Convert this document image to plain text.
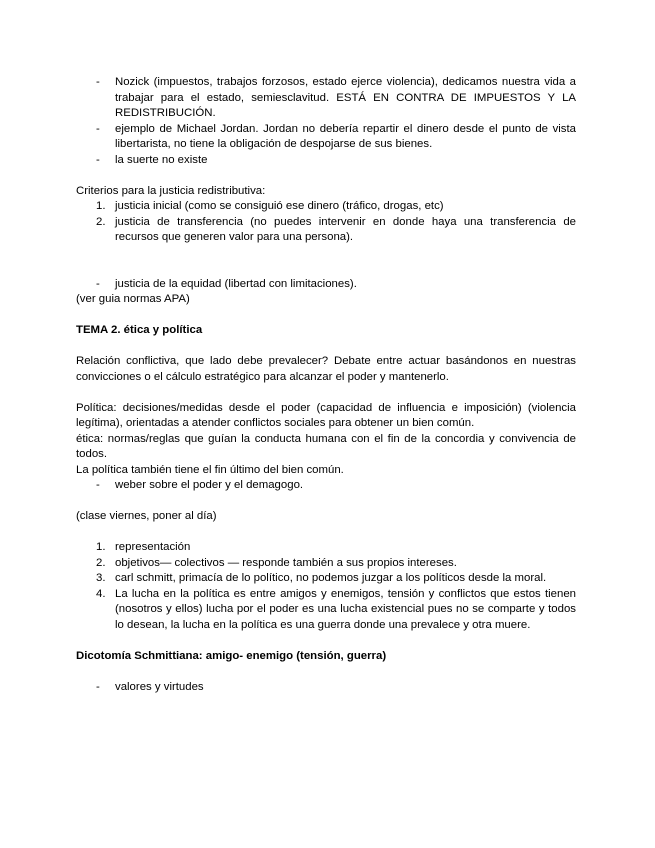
-	Nozick (impuestos, trabajos forzosos, estado ejerce violencia), dedicamos nuestra vida a trabajar para el estado, semiesclavitud. ESTÁ EN CONTRA DE IMPUESTOS Y LA REDISTRIBUCIÓN.
-	ejemplo de Michael Jordan. Jordan no debería repartir el dinero desde el punto de vista libertarista, no tiene la obligación de despojarse de sus bienes.
-	la suerte no existe

Criterios para la justicia redistributiva:

1. justicia inicial (como se consiguió ese dinero (tráfico, drogas, etc)
2. justicia de transferencia (no puedes intervenir en donde haya una transferencia de recursos que generen valor para una persona).
-	justicia de la equidad (libertad con limitaciones).

(ver guia normas APA)

TEMA 2. ética y política

Relación conflictiva, que lado debe prevalecer? Debate entre actuar basándonos en nuestras convicciones o el cálculo estratégico para alcanzar el poder y mantenerlo.

Política: decisiones/medidas desde el poder (capacidad de influencia e imposición) (violencia legítima), orientadas a atender conflictos sociales para obtener un bien común.

ética: normas/reglas que guían la conducta humana con el fin de la concordia y convivencia de todos.

La política también tiene el fin último del bien común.

-	weber sobre el poder y el demagogo.

(clase viernes, poner al día)

1. representación
2. objetivos— colectivos — responde también a sus propios intereses.
3. carl schmitt, primacía de lo político, no podemos juzgar a los políticos desde la moral.
4. La lucha en la política es entre amigos y enemigos, tensión y conflictos que estos tienen (nosotros y ellos) lucha por el poder es una lucha existencial pues no se comparte y todos lo desean, la lucha en la política es una guerra donde una prevalece y otra muere.

Dicotomía Schmittiana: amigo- enemigo (tensión, guerra)

-	valores y virtudes
